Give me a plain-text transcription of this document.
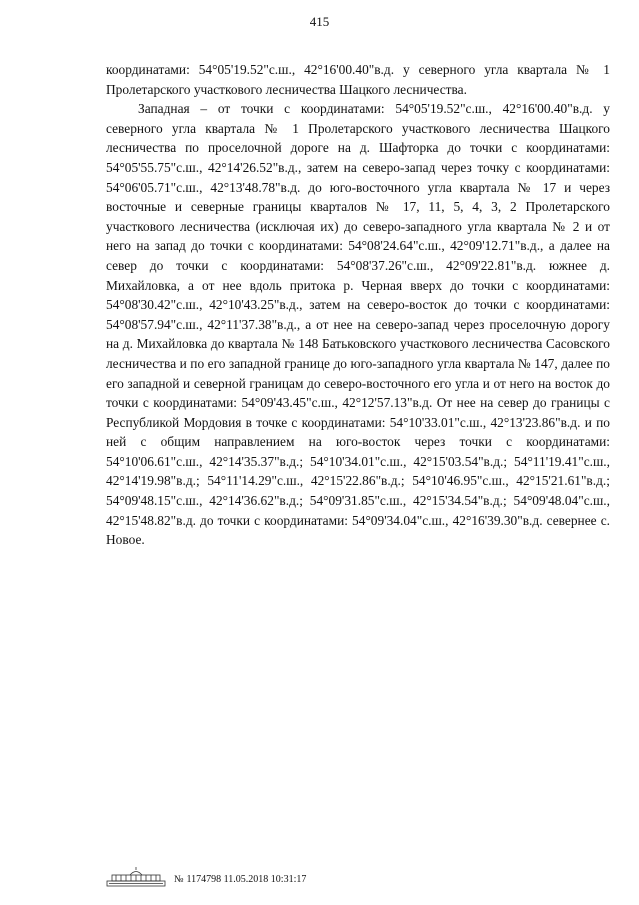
415

координатами: 54°05'19.52"с.ш., 42°16'00.40"в.д. у северного угла квартала № 1 Пролетарского участкового лесничества Шацкого лесничества.

Западная – от точки с координатами: 54°05'19.52"с.ш., 42°16'00.40"в.д. у северного угла квартала № 1 Пролетарского участкового лесничества Шацкого лесничества по проселочной дороге на д. Шафторка до точки с координатами: 54°05'55.75"с.ш., 42°14'26.52"в.д., затем на северо-запад через точку с координатами: 54°06'05.71"с.ш., 42°13'48.78"в.д. до юго-восточного угла квартала № 17 и через восточные и северные границы кварталов № 17, 11, 5, 4, 3, 2 Пролетарского участкового лесничества (исключая их) до северо-западного угла квартала № 2 и от него на запад до точки с координатами: 54°08'24.64"с.ш., 42°09'12.71"в.д., а далее на север до точки с координатами: 54°08'37.26"с.ш., 42°09'22.81"в.д. южнее д. Михайловка, а от нее вдоль притока р. Черная вверх до точки с координатами: 54°08'30.42"с.ш., 42°10'43.25"в.д., затем на северо-восток до точки с координатами: 54°08'57.94"с.ш., 42°11'37.38"в.д., а от нее на северо-запад через проселочную дорогу на д. Михайловка до квартала № 148 Батьковского участкового лесничества Сасовского лесничества и по его западной границе до юго-западного угла квартала № 147, далее по его западной и северной границам до северо-восточного его угла и от него на восток до точки с координатами: 54°09'43.45"с.ш., 42°12'57.13"в.д. От нее на север до границы с Республикой Мордовия в точке с координатами: 54°10'33.01"с.ш., 42°13'23.86"в.д. и по ней с общим направлением на юго-восток через точки с координатами: 54°10'06.61"с.ш., 42°14'35.37"в.д.; 54°10'34.01"с.ш., 42°15'03.54"в.д.; 54°11'19.41"с.ш., 42°14'19.98"в.д.; 54°11'14.29"с.ш., 42°15'22.86"в.д.; 54°10'46.95"с.ш., 42°15'21.61"в.д.; 54°09'48.15"с.ш., 42°14'36.62"в.д.; 54°09'31.85"с.ш., 42°15'34.54"в.д.; 54°09'48.04"с.ш., 42°15'48.82"в.д. до точки с координатами: 54°09'34.04"с.ш., 42°16'39.30"в.д. севернее с. Новое.

№ 1174798 11.05.2018 10:31:17
